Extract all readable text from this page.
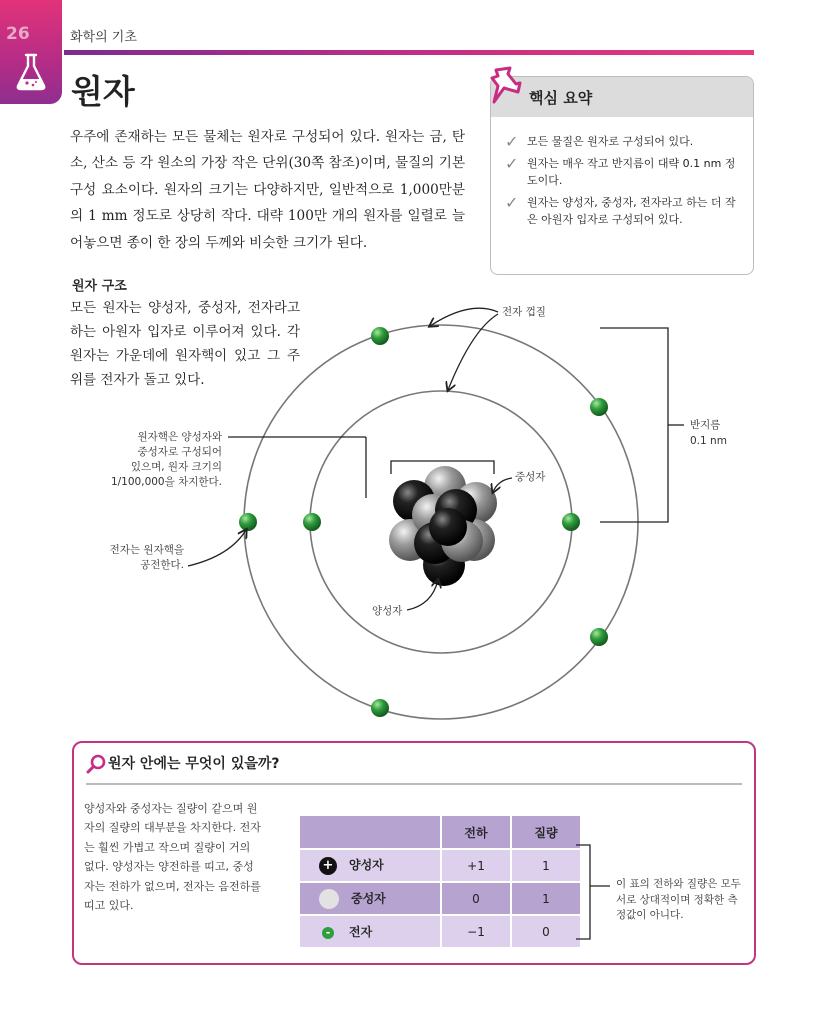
26	화학의 기초
원자
우주에 존재하는 모든 물체는 원자로 구성되어 있다. 원자는 금, 탄소, 산소 등 각 원소의 가장 작은 단위(30쪽 참조)이며, 물질의 기본 구성 요소이다. 원자의 크기는 다양하지만, 일반적으로 1,000만분의 1 mm 정도로 상당히 작다. 대략 100만 개의 원자를 일렬로 늘어놓으면 종이 한 장의 두께와 비슷한 크기가 된다.
핵심 요약
✓ 모든 물질은 원자로 구성되어 있다.
✓ 원자는 매우 작고 반지름이 대략 0.1 nm 정도이다.
✓ 원자는 양성자, 중성자, 전자라고 하는 더 작은 아원자 입자로 구성되어 있다.
원자 구조
모든 원자는 양성자, 중성자, 전자라고 하는 아원자 입자로 이루어져 있다. 각 원자는 가운데에 원자핵이 있고 그 주위를 전자가 돌고 있다.
전자 껍질
반지름
0.1 nm
원자핵은 양성자와
중성자로 구성되어
있으며, 원자 크기의
1/100,000을 차지한다.
전자는 원자핵을
공전한다.
중성자
양성자
원자 안에는 무엇이 있을까?
양성자와 중성자는 질량이 같으며 원자의 질량의 대부분을 차지한다. 전자는 훨씬 가볍고 작으며 질량이 거의 없다. 양성자는 양전하를 띠고, 중성자는 전하가 없으며, 전자는 음전하를 띠고 있다.
	전하	질량
+ 양성자	+1	1
중성자	0	1
- 전자	−1	0
이 표의 전하와 질량은 모두 서로 상대적이며 정확한 측정값이 아니다.
